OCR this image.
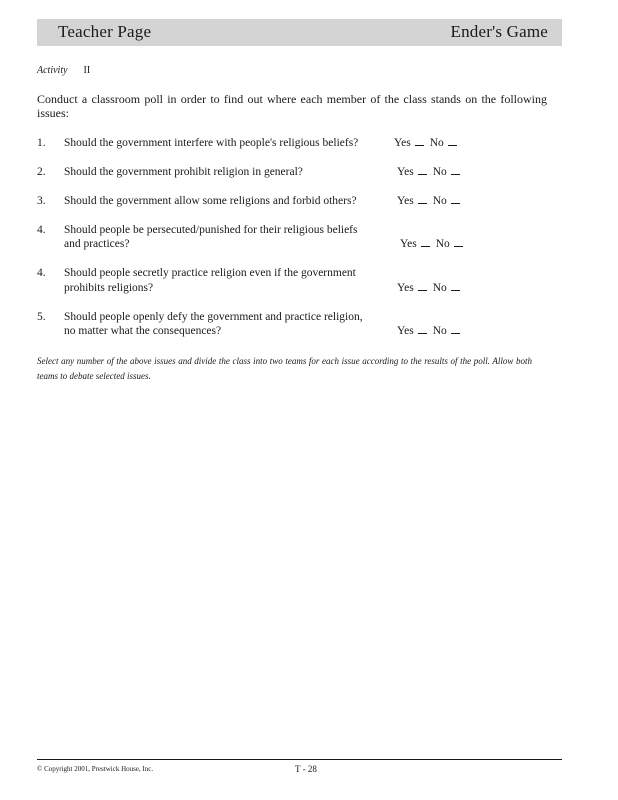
Teacher Page	Ender's Game
Activity II
Conduct a classroom poll in order to find out where each member of the class stands on the following issues:
1. Should the government interfere with people's religious beliefs?	Yes No
2. Should the government prohibit religion in general?	Yes No
3. Should the government allow some religions and forbid others?	Yes No
4. Should people be persecuted/punished for their religious beliefs
and practices?	Yes No
4. Should people secretly practice religion even if the government
prohibits religions?	Yes No
5. Should people openly defy the government and practice religion,
no matter what the consequences?	Yes No
Select any number of the above issues and divide the class into two teams for each issue according to the results of the poll. Allow both teams to debate selected issues.
© Copyright 2001, Prestwick House, Inc.	T - 28
